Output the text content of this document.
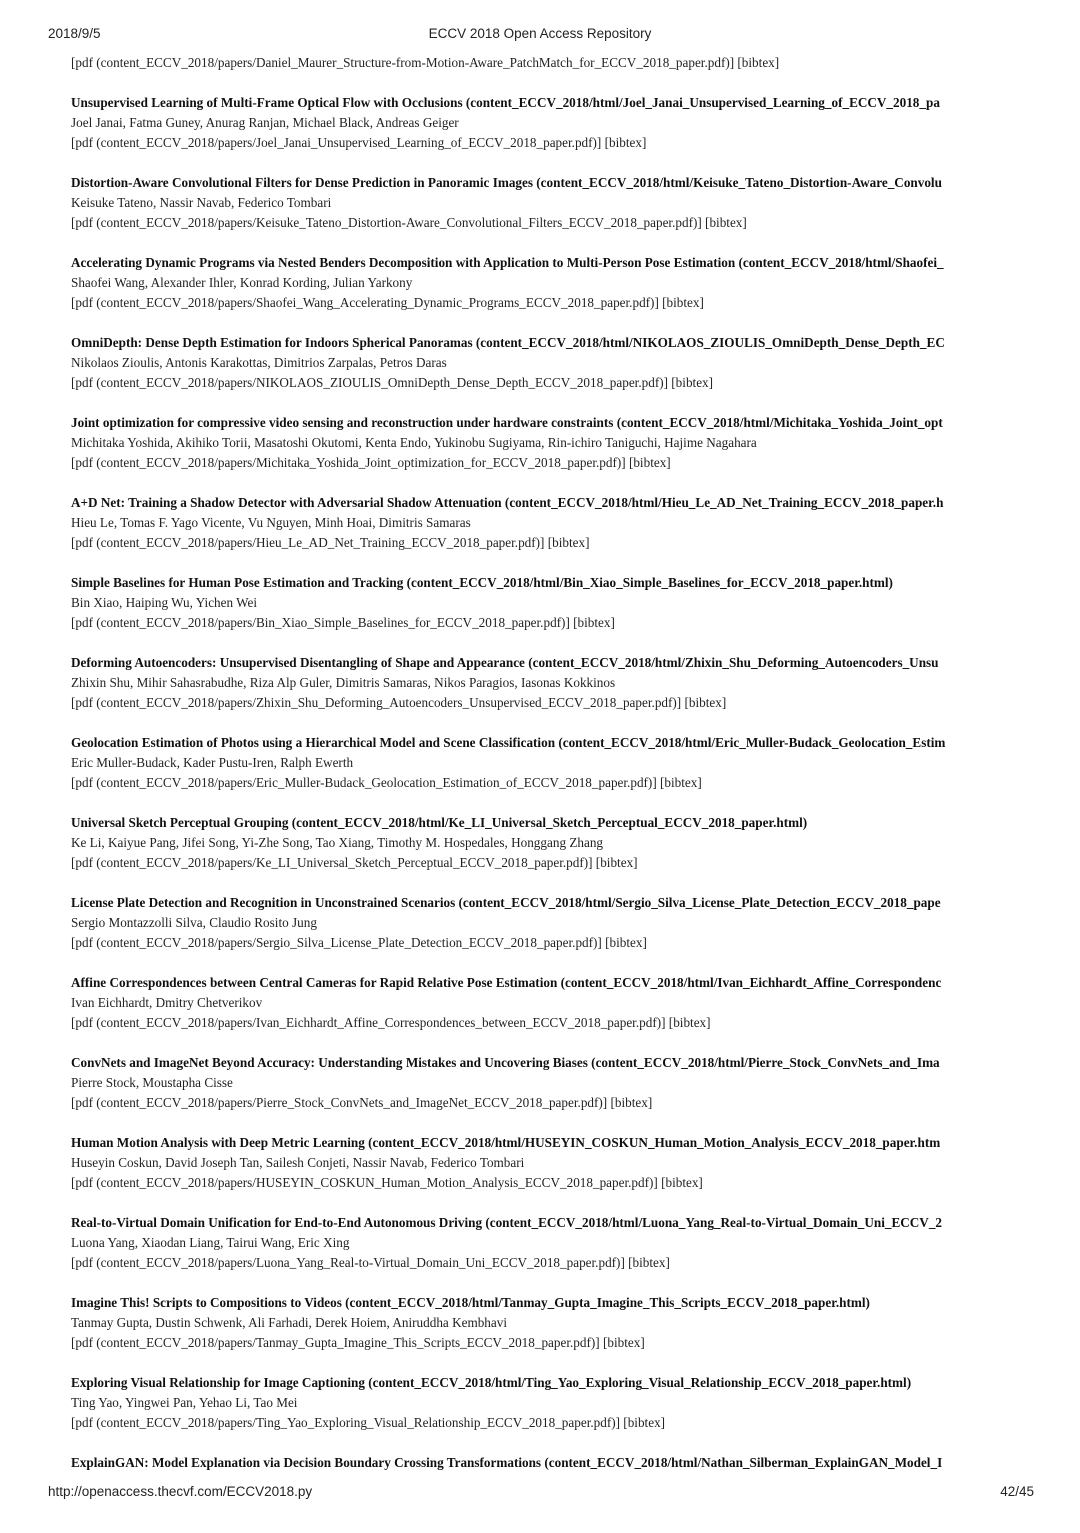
2018/9/5	ECCV 2018 Open Access Repository
[pdf (content_ECCV_2018/papers/Daniel_Maurer_Structure-from-Motion-Aware_PatchMatch_for_ECCV_2018_paper.pdf)] [bibtex]
Unsupervised Learning of Multi-Frame Optical Flow with Occlusions (content_ECCV_2018/html/Joel_Janai_Unsupervised_Learning_of_ECCV_2018_pa
Joel Janai, Fatma Guney, Anurag Ranjan, Michael Black, Andreas Geiger
[pdf (content_ECCV_2018/papers/Joel_Janai_Unsupervised_Learning_of_ECCV_2018_paper.pdf)] [bibtex]
Distortion-Aware Convolutional Filters for Dense Prediction in Panoramic Images (content_ECCV_2018/html/Keisuke_Tateno_Distortion-Aware_Convolu
Keisuke Tateno, Nassir Navab, Federico Tombari
[pdf (content_ECCV_2018/papers/Keisuke_Tateno_Distortion-Aware_Convolutional_Filters_ECCV_2018_paper.pdf)] [bibtex]
Accelerating Dynamic Programs via Nested Benders Decomposition with Application to Multi-Person Pose Estimation (content_ECCV_2018/html/Shaofei_
Shaofei Wang, Alexander Ihler, Konrad Kording, Julian Yarkony
[pdf (content_ECCV_2018/papers/Shaofei_Wang_Accelerating_Dynamic_Programs_ECCV_2018_paper.pdf)] [bibtex]
OmniDepth: Dense Depth Estimation for Indoors Spherical Panoramas (content_ECCV_2018/html/NIKOLAOS_ZIOULIS_OmniDepth_Dense_Depth_EC
Nikolaos Zioulis, Antonis Karakottas, Dimitrios Zarpalas, Petros Daras
[pdf (content_ECCV_2018/papers/NIKOLAOS_ZIOULIS_OmniDepth_Dense_Depth_ECCV_2018_paper.pdf)] [bibtex]
Joint optimization for compressive video sensing and reconstruction under hardware constraints (content_ECCV_2018/html/Michitaka_Yoshida_Joint_opt
Michitaka Yoshida, Akihiko Torii, Masatoshi Okutomi, Kenta Endo, Yukinobu Sugiyama, Rin-ichiro Taniguchi, Hajime Nagahara
[pdf (content_ECCV_2018/papers/Michitaka_Yoshida_Joint_optimization_for_ECCV_2018_paper.pdf)] [bibtex]
A+D Net: Training a Shadow Detector with Adversarial Shadow Attenuation (content_ECCV_2018/html/Hieu_Le_AD_Net_Training_ECCV_2018_paper.h
Hieu Le, Tomas F. Yago Vicente, Vu Nguyen, Minh Hoai, Dimitris Samaras
[pdf (content_ECCV_2018/papers/Hieu_Le_AD_Net_Training_ECCV_2018_paper.pdf)] [bibtex]
Simple Baselines for Human Pose Estimation and Tracking (content_ECCV_2018/html/Bin_Xiao_Simple_Baselines_for_ECCV_2018_paper.html)
Bin Xiao, Haiping Wu, Yichen Wei
[pdf (content_ECCV_2018/papers/Bin_Xiao_Simple_Baselines_for_ECCV_2018_paper.pdf)] [bibtex]
Deforming Autoencoders: Unsupervised Disentangling of Shape and Appearance (content_ECCV_2018/html/Zhixin_Shu_Deforming_Autoencoders_Unsu
Zhixin Shu, Mihir Sahasrabudhe, Riza Alp Guler, Dimitris Samaras, Nikos Paragios, Iasonas Kokkinos
[pdf (content_ECCV_2018/papers/Zhixin_Shu_Deforming_Autoencoders_Unsupervised_ECCV_2018_paper.pdf)] [bibtex]
Geolocation Estimation of Photos using a Hierarchical Model and Scene Classification (content_ECCV_2018/html/Eric_Muller-Budack_Geolocation_Estim
Eric Muller-Budack, Kader Pustu-Iren, Ralph Ewerth
[pdf (content_ECCV_2018/papers/Eric_Muller-Budack_Geolocation_Estimation_of_ECCV_2018_paper.pdf)] [bibtex]
Universal Sketch Perceptual Grouping (content_ECCV_2018/html/Ke_LI_Universal_Sketch_Perceptual_ECCV_2018_paper.html)
Ke Li, Kaiyue Pang, Jifei Song, Yi-Zhe Song, Tao Xiang, Timothy M. Hospedales, Honggang Zhang
[pdf (content_ECCV_2018/papers/Ke_LI_Universal_Sketch_Perceptual_ECCV_2018_paper.pdf)] [bibtex]
License Plate Detection and Recognition in Unconstrained Scenarios (content_ECCV_2018/html/Sergio_Silva_License_Plate_Detection_ECCV_2018_pape
Sergio Montazzolli Silva, Claudio Rosito Jung
[pdf (content_ECCV_2018/papers/Sergio_Silva_License_Plate_Detection_ECCV_2018_paper.pdf)] [bibtex]
Affine Correspondences between Central Cameras for Rapid Relative Pose Estimation (content_ECCV_2018/html/Ivan_Eichhardt_Affine_Correspondenc
Ivan Eichhardt, Dmitry Chetverikov
[pdf (content_ECCV_2018/papers/Ivan_Eichhardt_Affine_Correspondences_between_ECCV_2018_paper.pdf)] [bibtex]
ConvNets and ImageNet Beyond Accuracy: Understanding Mistakes and Uncovering Biases (content_ECCV_2018/html/Pierre_Stock_ConvNets_and_Ima
Pierre Stock, Moustapha Cisse
[pdf (content_ECCV_2018/papers/Pierre_Stock_ConvNets_and_ImageNet_ECCV_2018_paper.pdf)] [bibtex]
Human Motion Analysis with Deep Metric Learning (content_ECCV_2018/html/HUSEYIN_COSKUN_Human_Motion_Analysis_ECCV_2018_paper.htm
Huseyin Coskun, David Joseph Tan, Sailesh Conjeti, Nassir Navab, Federico Tombari
[pdf (content_ECCV_2018/papers/HUSEYIN_COSKUN_Human_Motion_Analysis_ECCV_2018_paper.pdf)] [bibtex]
Real-to-Virtual Domain Unification for End-to-End Autonomous Driving (content_ECCV_2018/html/Luona_Yang_Real-to-Virtual_Domain_Uni_ECCV_2
Luona Yang, Xiaodan Liang, Tairui Wang, Eric Xing
[pdf (content_ECCV_2018/papers/Luona_Yang_Real-to-Virtual_Domain_Uni_ECCV_2018_paper.pdf)] [bibtex]
Imagine This! Scripts to Compositions to Videos (content_ECCV_2018/html/Tanmay_Gupta_Imagine_This_Scripts_ECCV_2018_paper.html)
Tanmay Gupta, Dustin Schwenk, Ali Farhadi, Derek Hoiem, Aniruddha Kembhavi
[pdf (content_ECCV_2018/papers/Tanmay_Gupta_Imagine_This_Scripts_ECCV_2018_paper.pdf)] [bibtex]
Exploring Visual Relationship for Image Captioning (content_ECCV_2018/html/Ting_Yao_Exploring_Visual_Relationship_ECCV_2018_paper.html)
Ting Yao, Yingwei Pan, Yehao Li, Tao Mei
[pdf (content_ECCV_2018/papers/Ting_Yao_Exploring_Visual_Relationship_ECCV_2018_paper.pdf)] [bibtex]
ExplainGAN: Model Explanation via Decision Boundary Crossing Transformations (content_ECCV_2018/html/Nathan_Silberman_ExplainGAN_Model_I
http://openaccess.thecvf.com/ECCV2018.py	42/45
